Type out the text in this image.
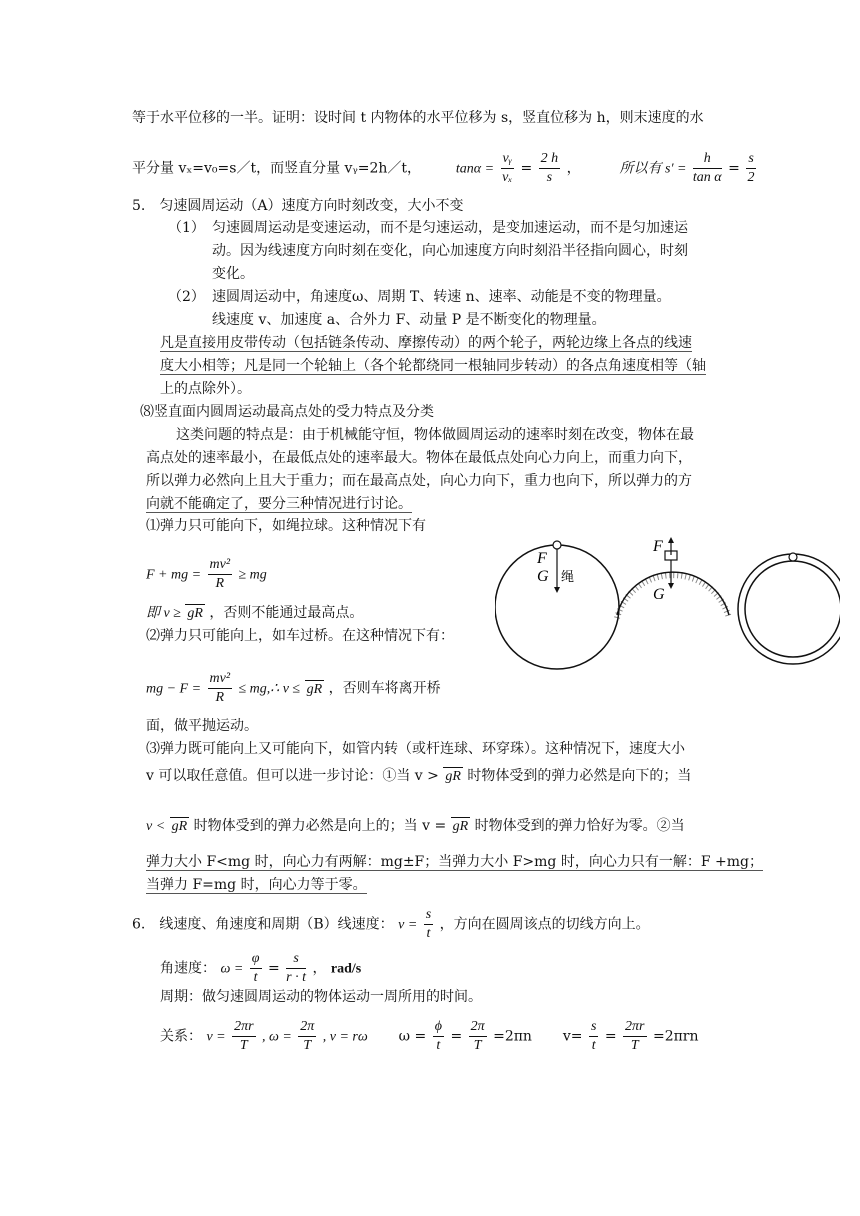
等于水平位移的一半。证明：设时间 t 内物体的水平位移为 s，竖直位移为 h，则末速度的水
平分量 vₓ=v₀=s／t，而竖直分量 vᵧ=2h／t， $\tan\alpha = \frac{\text{vᵧ}}{\text{vₓ}} = \frac{2 h}{s}$ ，	所以有 $s' = \frac{h}{\text{tan α}} = \frac{s}{2}$
5.　匀速圆周运动（A）速度方向时刻改变，大小不变
（1） 匀速圆周运动是变速运动，而不是匀速运动，是变加速运动，而不是匀加速运
动。因为线速度方向时刻在变化，向心加速度方向时刻沿半径指向圆心，时刻
变化。
（2） 速圆周运动中，角速度ω、周期 T、转速 n、速率、动能是不变的物理量。
线速度 v、加速度 a、合外力 F、动量 P 是不断变化的物理量。
凡是直接用皮带传动（包括链条传动、摩擦传动）的两个轮子，两轮边缘上各点的线速
度大小相等；凡是同一个轮轴上（各个轮都绕同一根轴同步转动）的各点角速度相等（轴
上的点除外）。
⑻竖直面内圆周运动最高点处的受力特点及分类
这类问题的特点是：由于机械能守恒，物体做圆周运动的速率时刻在改变，物体在最
高点处的速率最小，在最低点处的速率最大。物体在最低点处向心力向上，而重力向下，
所以弹力必然向上且大于重力；而在最高点处，向心力向下，重力也向下，所以弹力的方
向就不能确定了，要分三种情况进行讨论。
⑴弹力只可能向下，如绳拉球。这种情况下有
F + mg = $\frac{\text{mv²}}{R}$ ≥ mg
即 v ≥ gR ，否则不能通过最高点。
⑵弹力只可能向上，如车过桥。在这种情况下有：
mg − $F = \frac{\text{mv²}}{R}$ ≤ mg,∴ v ≤ gR ，否则车将离开桥
面，做平抛运动。
⑶弹力既可能向上又可能向下，如管内转（或杆连球、环穿珠）。这种情况下，速度大小
v 可以取任意值。但可以进一步讨论：①当 v > gR 时物体受到的弹力必然是向下的；当
v < gR 时物体受到的弹力必然是向上的；当 v = gR 时物体受到的弹力恰好为零。②当
弹力大小 F<mg 时，向心力有两解：mg±F；当弹力大小 F>mg 时，向心力只有一解：F +mg；
当弹力 F=mg 时，向心力等于零。
F
G 绳
F
G
6.　线速度、角速度和周期（B）线速度： $v = \frac{s}{t}$ ，方向在圆周该点的切线方向上。
角速度： $\omega = \frac{\varphi}{t} = \frac{s}{r \cdot t}$ ， rad/s
周期：做匀速圆周运动的物体运动一周所用的时间。
关系： $v = \frac{2\pi r}{T}$ , $\omega = \frac{2\pi}{T}$ , v = rω $\omega = \frac{\phi}{t} = \frac{2\pi}{T} =2\pi n$ $v= \frac{s}{t} = \frac{2\pi r}{T} =2\pi rn$
